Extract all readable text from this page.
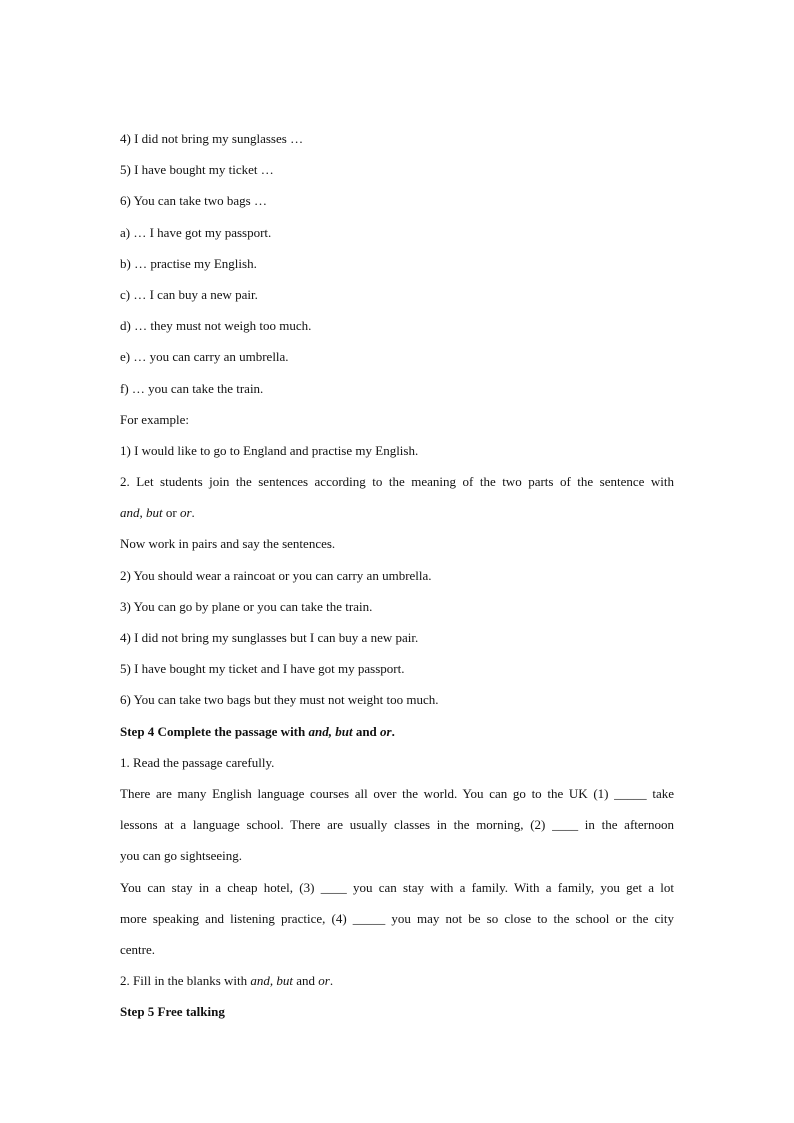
4) I did not bring my sunglasses …
5) I have bought my ticket …
6) You can take two bags …
a) … I have got my passport.
b) … practise my English.
c) … I can buy a new pair.
d) … they must not weigh too much.
e) … you can carry an umbrella.
f) … you can take the train.
For example:
1) I would like to go to England and practise my English.
2. Let students join the sentences according to the meaning of the two parts of the sentence with
and, but or or.
Now work in pairs and say the sentences.
2) You should wear a raincoat or you can carry an umbrella.
3) You can go by plane or you can take the train.
4) I did not bring my sunglasses but I can buy a new pair.
5) I have bought my ticket and I have got my passport.
6) You can take two bags but they must not weight too much.
Step 4 Complete the passage with and, but and or.
1. Read the passage carefully.
There are many English language courses all over the world. You can go to the UK (1) _____ take
lessons at a language school. There are usually classes in the morning, (2) ____ in the afternoon
you can go sightseeing.
You can stay in a cheap hotel, (3) ____ you can stay with a family. With a family, you get a lot
more speaking and listening practice, (4) _____ you may not be so close to the school or the city
centre.
2. Fill in the blanks with and, but and or.
Step 5 Free talking
